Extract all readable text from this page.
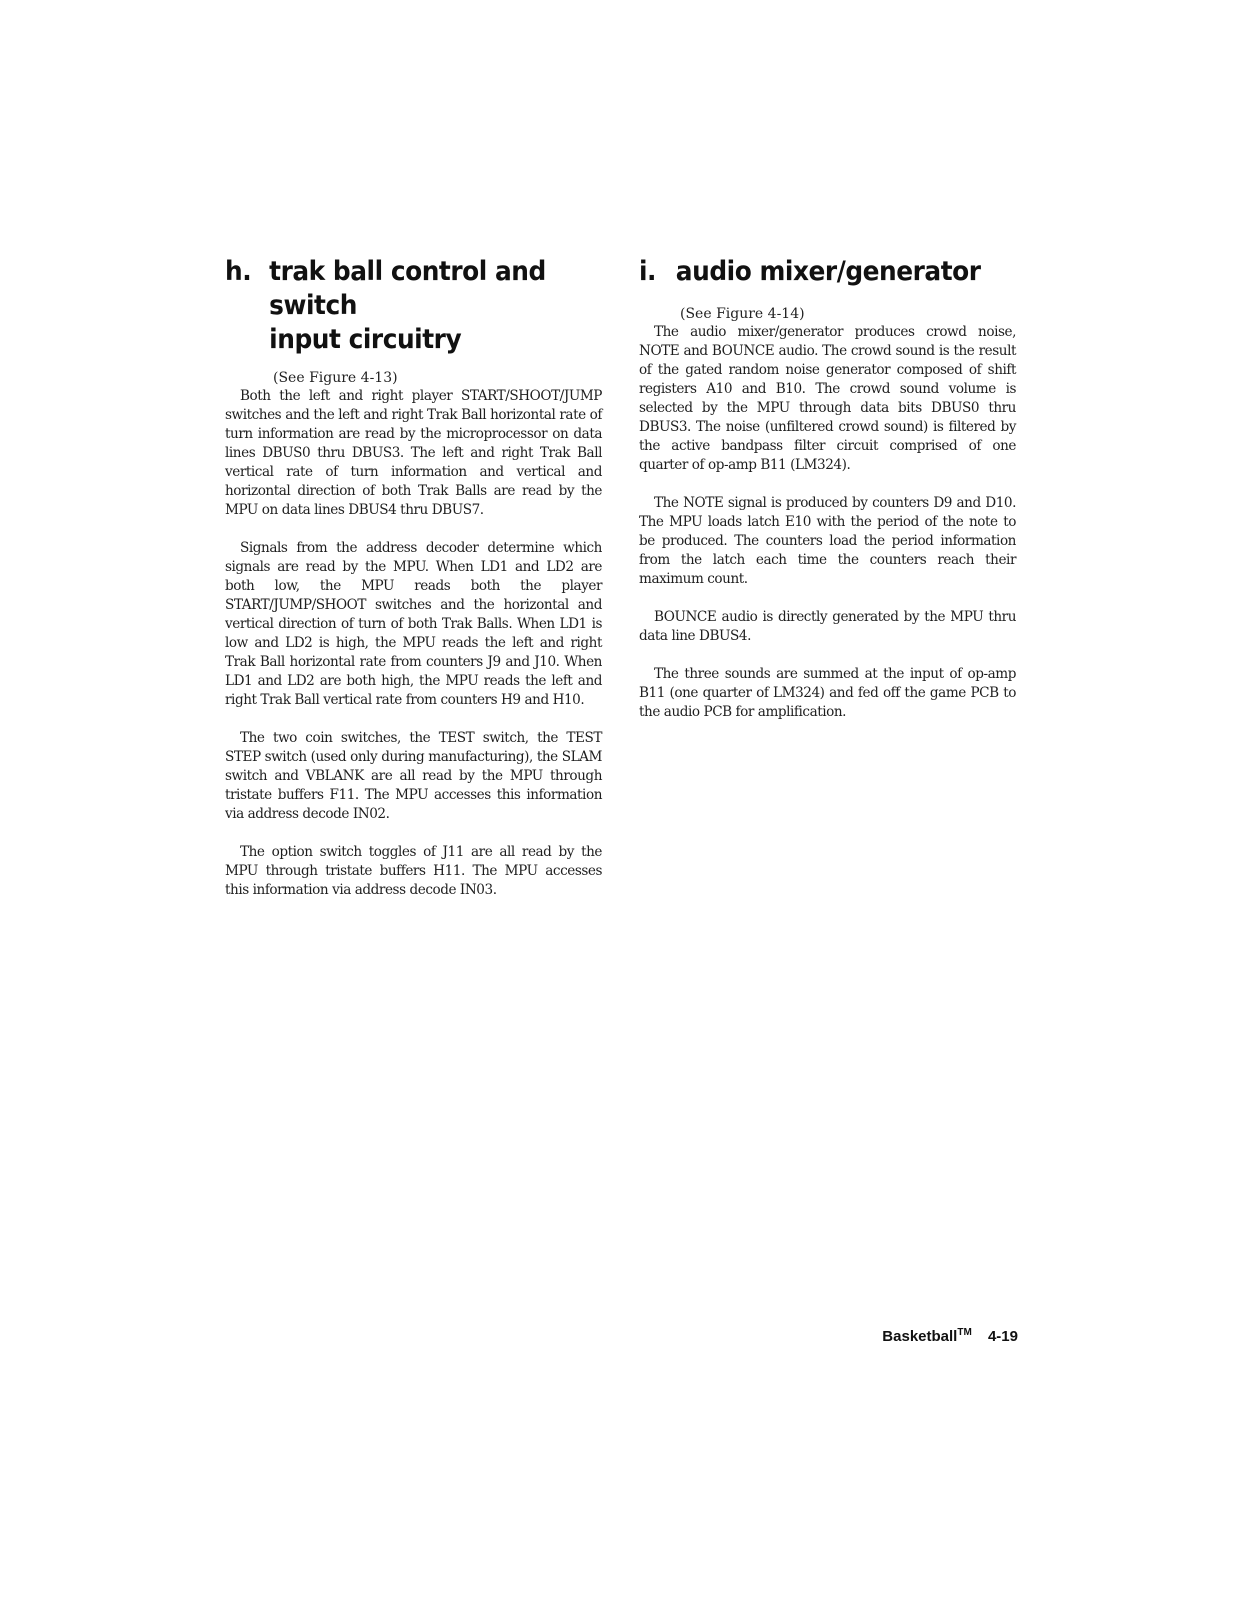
h. trak ball control and switch
input circuitry

(See Figure 4-13)

Both the left and right player START/SHOOT/JUMP switches and the left and right Trak Ball horizontal rate of turn information are read by the microprocessor on data lines DBUS0 thru DBUS3. The left and right Trak Ball vertical rate of turn information and vertical and horizontal direction of both Trak Balls are read by the MPU on data lines DBUS4 thru DBUS7.

Signals from the address decoder determine which signals are read by the MPU. When LD1 and LD2 are both low, the MPU reads both the player START/JUMP/SHOOT switches and the horizontal and vertical direction of turn of both Trak Balls. When LD1 is low and LD2 is high, the MPU reads the left and right Trak Ball horizontal rate from counters J9 and J10. When LD1 and LD2 are both high, the MPU reads the left and right Trak Ball vertical rate from counters H9 and H10.

The two coin switches, the TEST switch, the TEST STEP switch (used only during manufacturing), the SLAM switch and VBLANK are all read by the MPU through tristate buffers F11. The MPU accesses this information via address decode IN02.

The option switch toggles of J11 are all read by the MPU through tristate buffers H11. The MPU accesses this information via address decode IN03.

i. audio mixer/generator

(See Figure 4-14)

The audio mixer/generator produces crowd noise, NOTE and BOUNCE audio. The crowd sound is the result of the gated random noise generator composed of shift registers A10 and B10. The crowd sound volume is selected by the MPU through data bits DBUS0 thru DBUS3. The noise (unfiltered crowd sound) is filtered by the active bandpass filter circuit comprised of one quarter of op-amp B11 (LM324).

The NOTE signal is produced by counters D9 and D10. The MPU loads latch E10 with the period of the note to be produced. The counters load the period information from the latch each time the counters reach their maximum count.

BOUNCE audio is directly generated by the MPU thru data line DBUS4.

The three sounds are summed at the input of op-amp B11 (one quarter of LM324) and fed off the game PCB to the audio PCB for amplification.

Basketball™ 4-19
